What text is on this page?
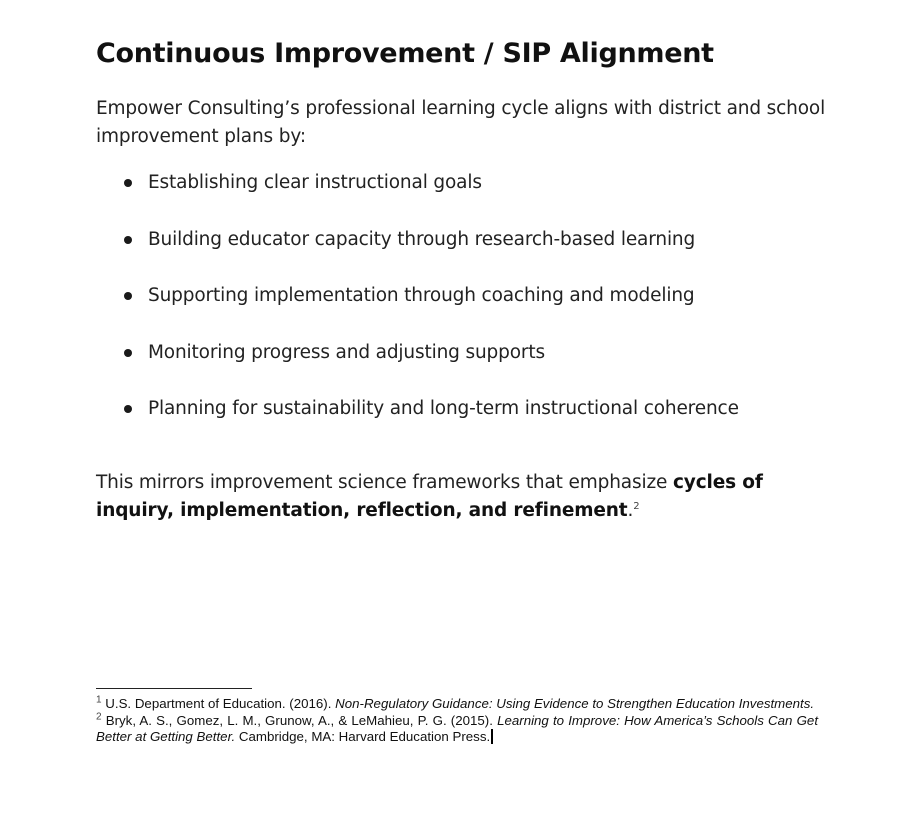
Continuous Improvement / SIP Alignment

Empower Consulting’s professional learning cycle aligns with district and school improvement plans by:

Establishing clear instructional goals
Building educator capacity through research-based learning
Supporting implementation through coaching and modeling
Monitoring progress and adjusting supports
Planning for sustainability and long-term instructional coherence

This mirrors improvement science frameworks that emphasize cycles of inquiry, implementation, reflection, and refinement.$^2$

$^1$ U.S. Department of Education. (2016). Non-Regulatory Guidance: Using Evidence to Strengthen Education Investments.

$^2$ Bryk, A. S., Gomez, L. M., Grunow, A., & LeMahieu, P. G. (2015). Learning to Improve: How America’s Schools Can Get Better at Getting Better. Cambridge, MA: Harvard Education Press.
